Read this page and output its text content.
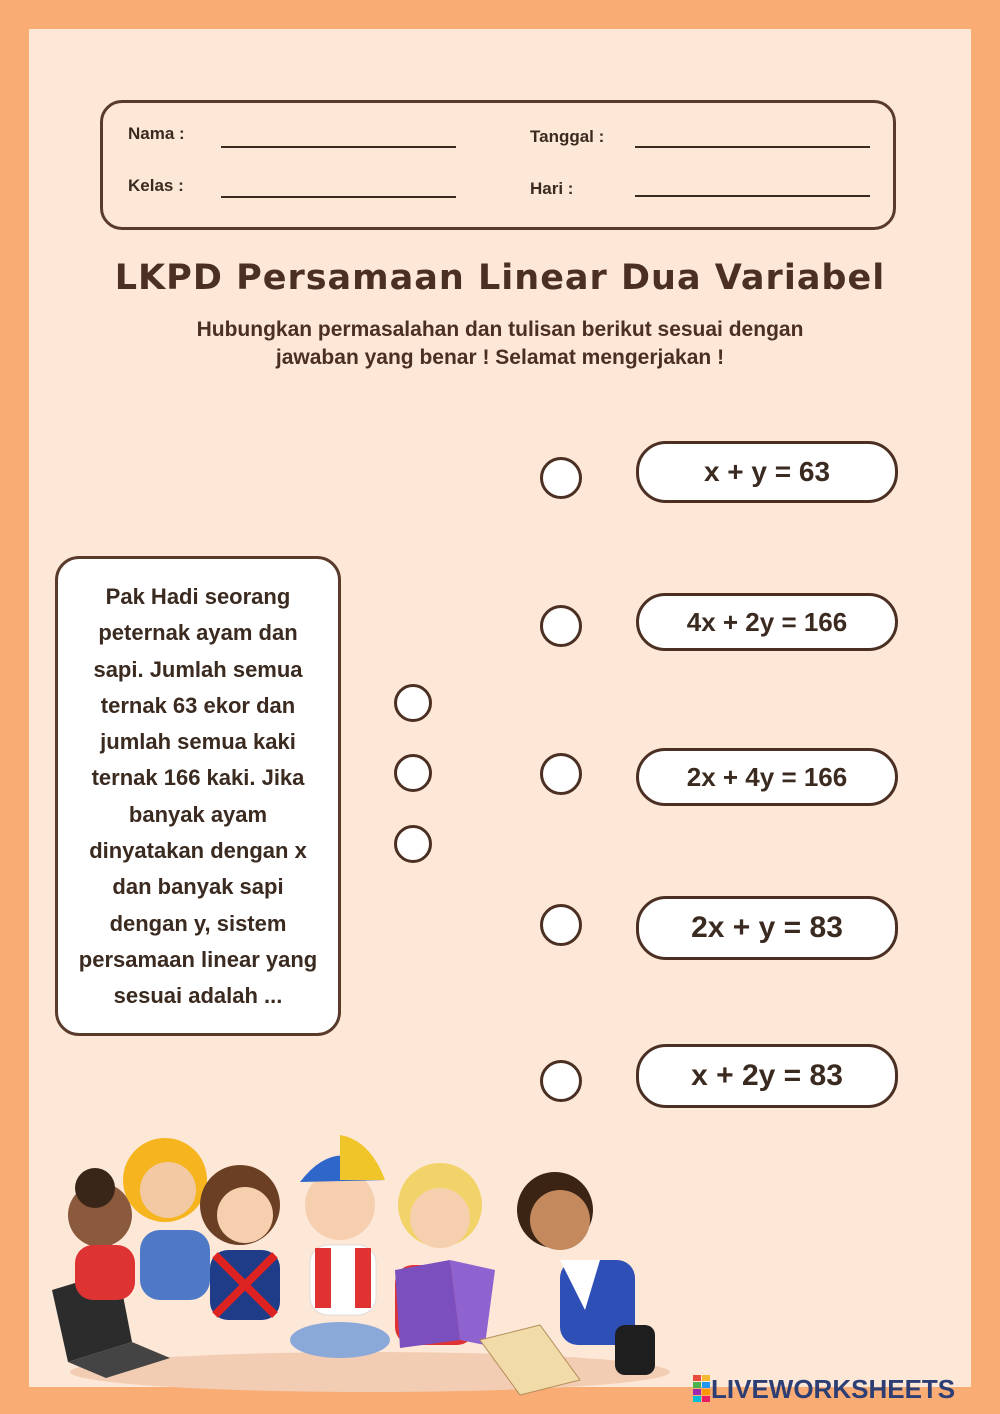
Nama :
Kelas :
Tanggal :
Hari :
LKPD Persamaan Linear Dua Variabel
Hubungkan permasalahan dan tulisan berikut sesuai dengan
jawaban yang benar ! Selamat mengerjakan !
Pak Hadi seorang
peternak ayam dan
sapi. Jumlah semua
ternak 63 ekor dan
jumlah semua kaki
ternak 166 kaki. Jika
banyak ayam
dinyatakan dengan x
dan banyak sapi
dengan y, sistem
persamaan linear yang
sesuai adalah ...
x + y = 63
4x + 2y = 166
2x + 4y = 166
2x + y = 83
x + 2y = 83
LIVEWORKSHEETS
